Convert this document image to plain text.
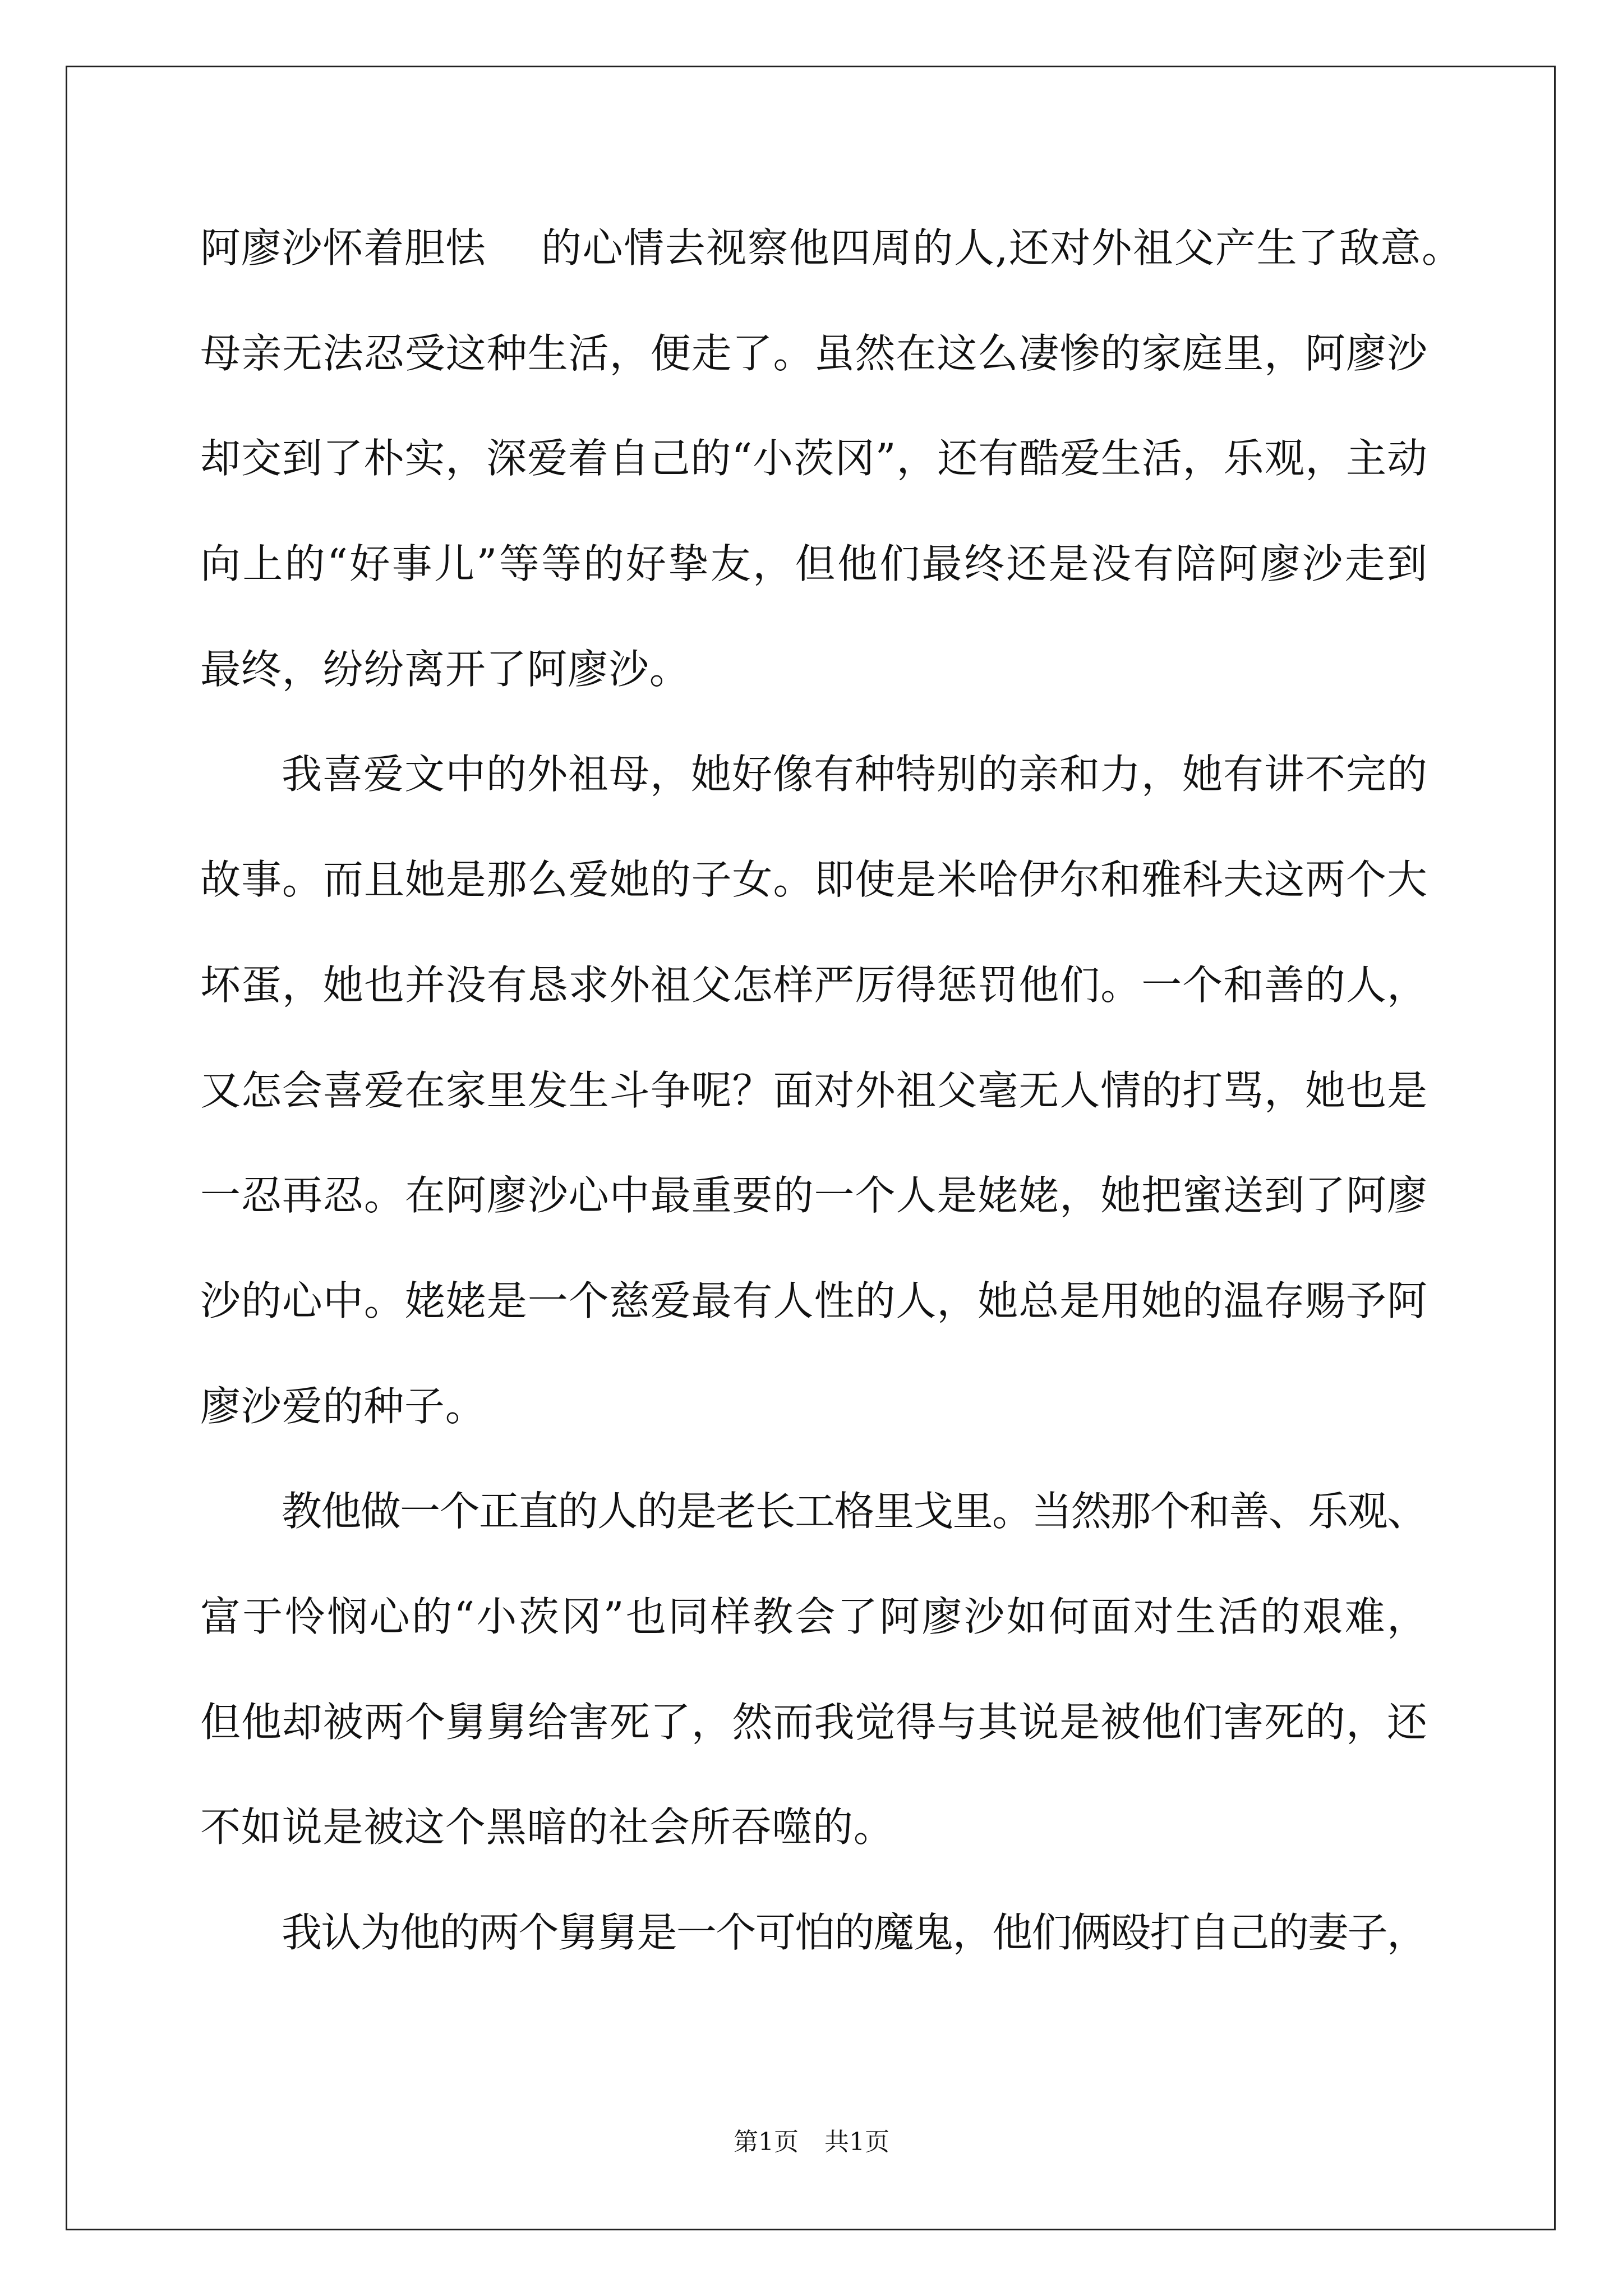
阿廖沙怀着胆怯 的心情去视察他四周的人,还对外祖父产生了敌意。
母亲无法忍受这种生活，便走了。虽然在这么凄惨的家庭里，阿廖沙
却交到了朴实，深爱着自己的“小茨冈”，还有酷爱生活，乐观，主动
向上的“好事儿”等等的好挚友，但他们最终还是没有陪阿廖沙走到
最终，纷纷离开了阿廖沙。
我喜爱文中的外祖母，她好像有种特别的亲和力，她有讲不完的
故事。而且她是那么爱她的子女。即使是米哈伊尔和雅科夫这两个大
坏蛋，她也并没有恳求外祖父怎样严厉得惩罚他们。一个和善的人，
又怎会喜爱在家里发生斗争呢？面对外祖父毫无人情的打骂，她也是
一忍再忍。在阿廖沙心中最重要的一个人是姥姥，她把蜜送到了阿廖
沙的心中。姥姥是一个慈爱最有人性的人，她总是用她的温存赐予阿
廖沙爱的种子。
教他做一个正直的人的是老长工格里戈里。当然那个和善、乐观、
富于怜悯心的“小茨冈”也同样教会了阿廖沙如何面对生活的艰难，
但他却被两个舅舅给害死了，然而我觉得与其说是被他们害死的，还
不如说是被这个黑暗的社会所吞噬的。
我认为他的两个舅舅是一个可怕的魔鬼，他们俩殴打自己的妻子，
第1页 共1页
